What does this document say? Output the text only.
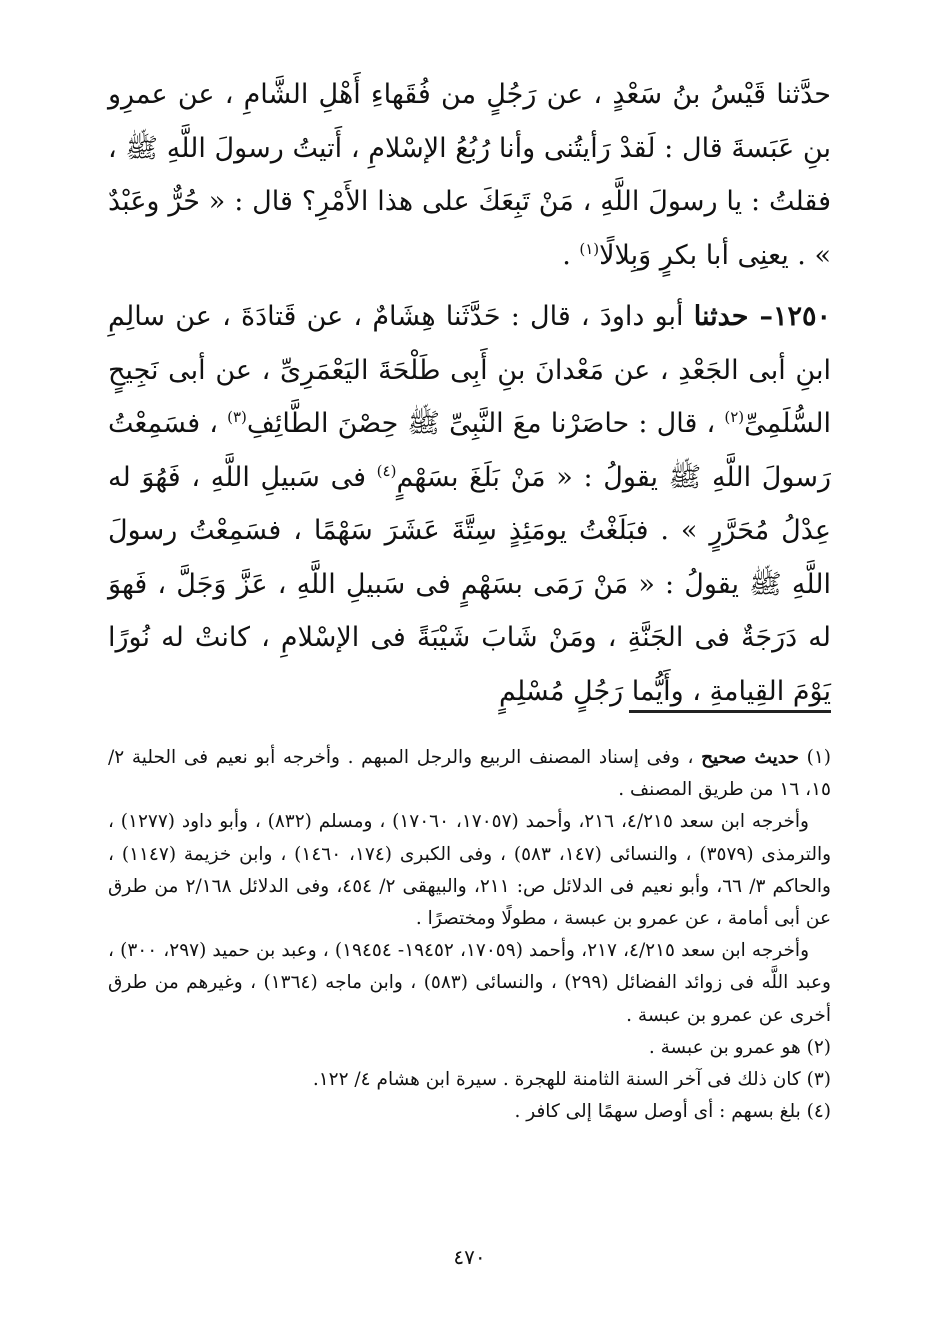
حدَّثنا قَيْسُ بنُ سَعْدٍ ، عن رَجُلٍ من فُقَهاءِ أَهْلِ الشَّامِ ، عن عمرِو بنِ عَبَسةَ قال : لَقدْ رَأيتُنى وأنا رُبُعُ الإسْلامِ ، أَتيتُ رسولَ اللَّهِ ﷺ ، فقلتُ : يا رسولَ اللَّهِ ، مَنْ تَبِعَكَ على هذا الأَمْرِ؟ قال : « حُرٌّ وعَبْدٌ » . يعنِى أبا بكرٍ وَبِلالًا$^{(١)}$ .

١٢٥٠– حدثنا أبو داودَ ، قال : حَدَّثَنا هِشَامٌ ، عن قَتادَةَ ، عن سالِمِ ابنِ أبى الجَعْدِ ، عن مَعْدانَ بنِ أَبِى طَلْحَةَ اليَعْمَرِىِّ ، عن أبى نَجِيحٍ السُّلَمِىِّ$^{(٢)}$ ، قال : حاصَرْنا معَ النَّبِىِّ ﷺ حِصْنَ الطَّائِفِ$^{(٣)}$ ، فسَمِعْتُ رَسولَ اللَّهِ ﷺ يقولُ : « مَنْ بَلَغَ بسَهْمٍ$^{(٤)}$ فى سَبيلِ اللَّهِ ، فَهُوَ له عِدْلُ مُحَرَّرٍ » . فبَلَغْتُ يومَئِذٍ سِتَّةَ عَشَرَ سَهْمًا ، فسَمِعْتُ رسولَ اللَّهِ ﷺ يقولُ : « مَنْ رَمَى بسَهْمٍ فى سَبيلِ اللَّهِ ، عَزَّ وَجَلَّ ، فَهوَ له دَرَجَةٌ فى الجَنَّةِ ، ومَنْ شَابَ شَيْبَةً فى الإسْلامِ ، كانتْ له نُورًا يَوْمَ القِيامةِ ، وأَيُّما رَجُلٍ مُسْلِمٍ

(١) حديث صحيح ، وفى إسناد المصنف الربيع والرجل المبهم . وأخرجه أبو نعيم فى الحلية ٢/ ١٥، ١٦ من طريق المصنف .

وأخرجه ابن سعد ٤/٢١٥، ٢١٦، وأحمد (١٧٠٥٧، ١٧٠٦٠) ، ومسلم (٨٣٢) ، وأبو داود (١٢٧٧) ، والترمذى (٣٥٧٩) ، والنسائى (١٤٧، ٥٨٣) ، وفى الكبرى (١٧٤، ١٤٦٠) ، وابن خزيمة (١١٤٧) ، والحاكم ٣/ ٦٦، وأبو نعيم فى الدلائل ص: ٢١١، والبيهقى ٢/ ٤٥٤، وفى الدلائل ٢/١٦٨ من طرق عن أبى أمامة ، عن عمرو بن عبسة ، مطولًا ومختصرًا .

وأخرجه ابن سعد ٤/٢١٥، ٢١٧، وأحمد (١٧٠٥٩، ١٩٤٥٢- ١٩٤٥٤) ، وعبد بن حميد (٢٩٧، ٣٠٠) ، وعبد اللَّه فى زوائد الفضائل (٢٩٩) ، والنسائى (٥٨٣) ، وابن ماجه (١٣٦٤) ، وغيرهم من طرق أخرى عن عمرو بن عبسة .

(٢) هو عمرو بن عبسة .

(٣) كان ذلك فى آخر السنة الثامنة للهجرة . سيرة ابن هشام ٤/ ١٢٢.

(٤) بلغ بسهم : أى أوصل سهمًا إلى كافر .

٤٧٠
